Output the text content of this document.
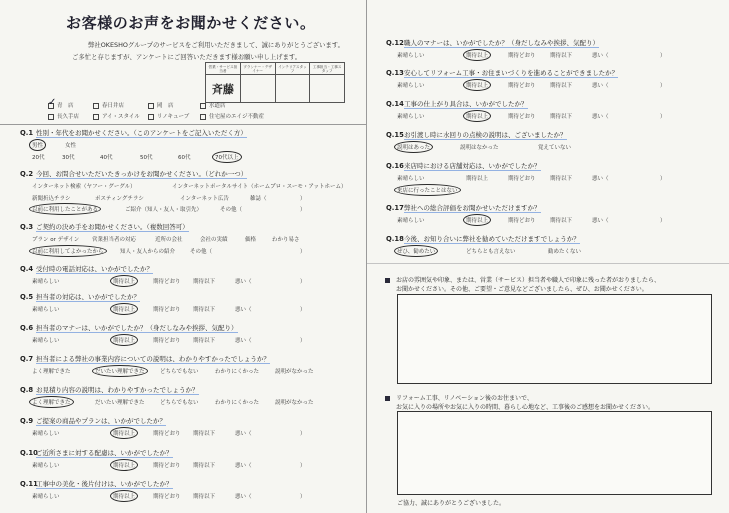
お客様のお声をお聞かせください。
弊社OKESHOグループのサービスをご利用いただきまして、誠にありがとうございます。
ご多忙と存じますが、アンケートにご回答いただきます様お願い申し上げます。
営業・サービス担当者	プランナー・デザイナー	インテリアスタッフ	工事担当・工事スタッフ

斉藤			

お店の雰囲気や印象、または、営業（サービス）担当者や職人で印象に残った者がおりましたら、
お聞かせください。その他、ご要望・ご意見などございましたら、ぜひ、お聞かせください。
リフォーム工事、リノベーション後のお住まいで、
お気に入りの場所やお気に入りの時間、暮らし心地など、工事後のご感想をお聞かせください。
ご協力、誠にありがとうございました。
✓青　店	春日井店	岡　店	水道店
長久手店	アイ・スタイル	リノキューブ	住宅屋のエイジ不動産
Q.1 性別・年代をお聞かせください。（このアンケートをご記入いただく方）
男性	女性
20代	30代	40代	50代	60代	70代以上
Q.2 今回、お問合せいただいたきっかけをお聞かせください。（どれか一つ）
インターネット検索（ヤフー・グーグル）	インターネットポータルサイト（ホームプロ・スーモ・アットホーム）
新聞折込チラシ	ポスティングチラシ	インターネット広告	雑誌（	）
以前に利用したことがある	ご紹介（知人・友人・取引先）	その他（	）
Q.3 ご契約の決め手をお聞かせください。（複数回答可）
プラン or デザイン 営業担当者の対応	近所の会社	会社の実績	価格	わかり易さ
以前に利用してよかったから	知人・友人からの紹介	その他（	）
Q.4 受付時の電話対応は、いかがでしたか？
素晴らしい	期待以上	期待どおり 期待以下	悪い（	）
Q.5 担当者の対応は、いかがでしたか？
素晴らしい	期待以上	期待どおり 期待以下	悪い（	）
Q.6 担当者のマナーは、いかがでしたか？（身だしなみや挨拶、気配り）
素晴らしい	期待以上	期待どおり 期待以下	悪い（	）
Q.7 担当者による弊社の事業内容についての説明は、わかりやすかったでしょうか？
よく理解できた	だいたい理解できた	どちらでもない	わかりにくかった	説明がなかった
Q.8 お見積り内容の説明は、わかりやすかったでしょうか？
よく理解できた	だいたい理解できた	どちらでもない	わかりにくかった	説明がなかった
Q.9 ご提案の商品やプランは、いかがでしたか？
素晴らしい	期待以上	期待どおり 期待以下	悪い（	）
Q.10ご近所さまに対する配慮は、いかがでしたか？
素晴らしい	期待以上	期待どおり 期待以下	悪い（	）
Q.11工事中の美化・後片付けは、いかがでしたか？
素晴らしい	期待以上	期待どおり 期待以下	悪い（	）
Q.12職人のマナーは、いかがでしたか？（身だしなみや挨拶、気配り）
素晴らしい	期待以上	期待どおり	期待以下	悪い（	）
Q.13安心してリフォーム工事・お住まいづくりを進めることができましたか？
素晴らしい	期待以上	期待どおり	期待以下	悪い（	）
Q.14工事の仕上がり具合は、いかがでしたか？
素晴らしい	期待以上	期待どおり	期待以下	悪い（	）
Q.15お引渡し時に水回りの点検の説明は、ございましたか？
説明はあった	説明はなかった	覚えていない
Q.16来店時における店舗対応は、いかがでしたか？
素晴らしい	期待以上	期待どおり	期待以下	悪い（	）
来店に行ったことはない
Q.17弊社への総合評価をお聞かせいただけますか？
素晴らしい	期待以上	期待どおり	期待以下	悪い（	）
Q.18今後、お知り合いに弊社を勧めていただけますでしょうか？
ぜひ、勧めたい	どちらとも言えない	勧めたくない
